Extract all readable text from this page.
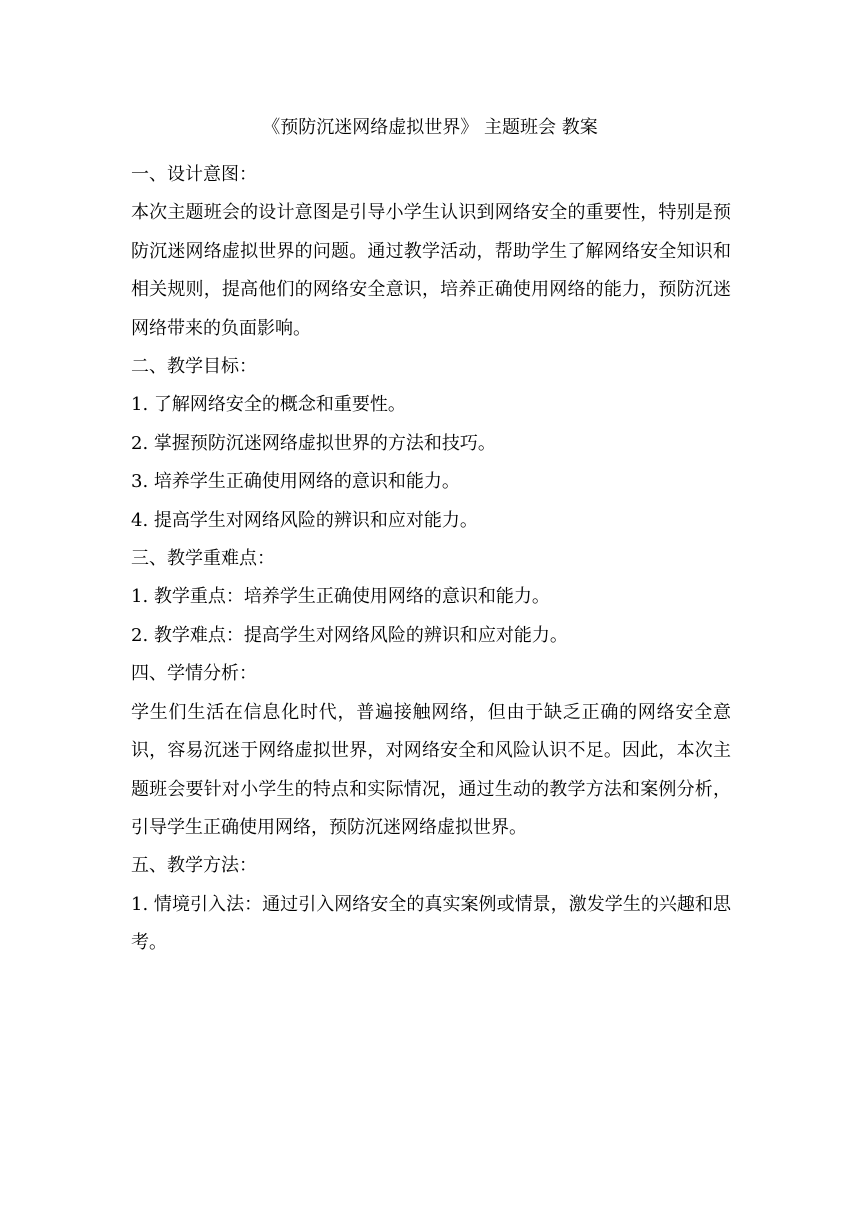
《预防沉迷网络虚拟世界》 主题班会 教案

一、设计意图：

本次主题班会的设计意图是引导小学生认识到网络安全的重要性，特别是预防沉迷网络虚拟世界的问题。通过教学活动，帮助学生了解网络安全知识和相关规则，提高他们的网络安全意识，培养正确使用网络的能力，预防沉迷网络带来的负面影响。

二、教学目标：

1. 了解网络安全的概念和重要性。

2. 掌握预防沉迷网络虚拟世界的方法和技巧。

3. 培养学生正确使用网络的意识和能力。

4. 提高学生对网络风险的辨识和应对能力。

三、教学重难点：

1. 教学重点：培养学生正确使用网络的意识和能力。

2. 教学难点：提高学生对网络风险的辨识和应对能力。

四、学情分析：

学生们生活在信息化时代，普遍接触网络，但由于缺乏正确的网络安全意识，容易沉迷于网络虚拟世界，对网络安全和风险认识不足。因此，本次主题班会要针对小学生的特点和实际情况，通过生动的教学方法和案例分析，引导学生正确使用网络，预防沉迷网络虚拟世界。

五、教学方法：

1. 情境引入法：通过引入网络安全的真实案例或情景，激发学生的兴趣和思考。
